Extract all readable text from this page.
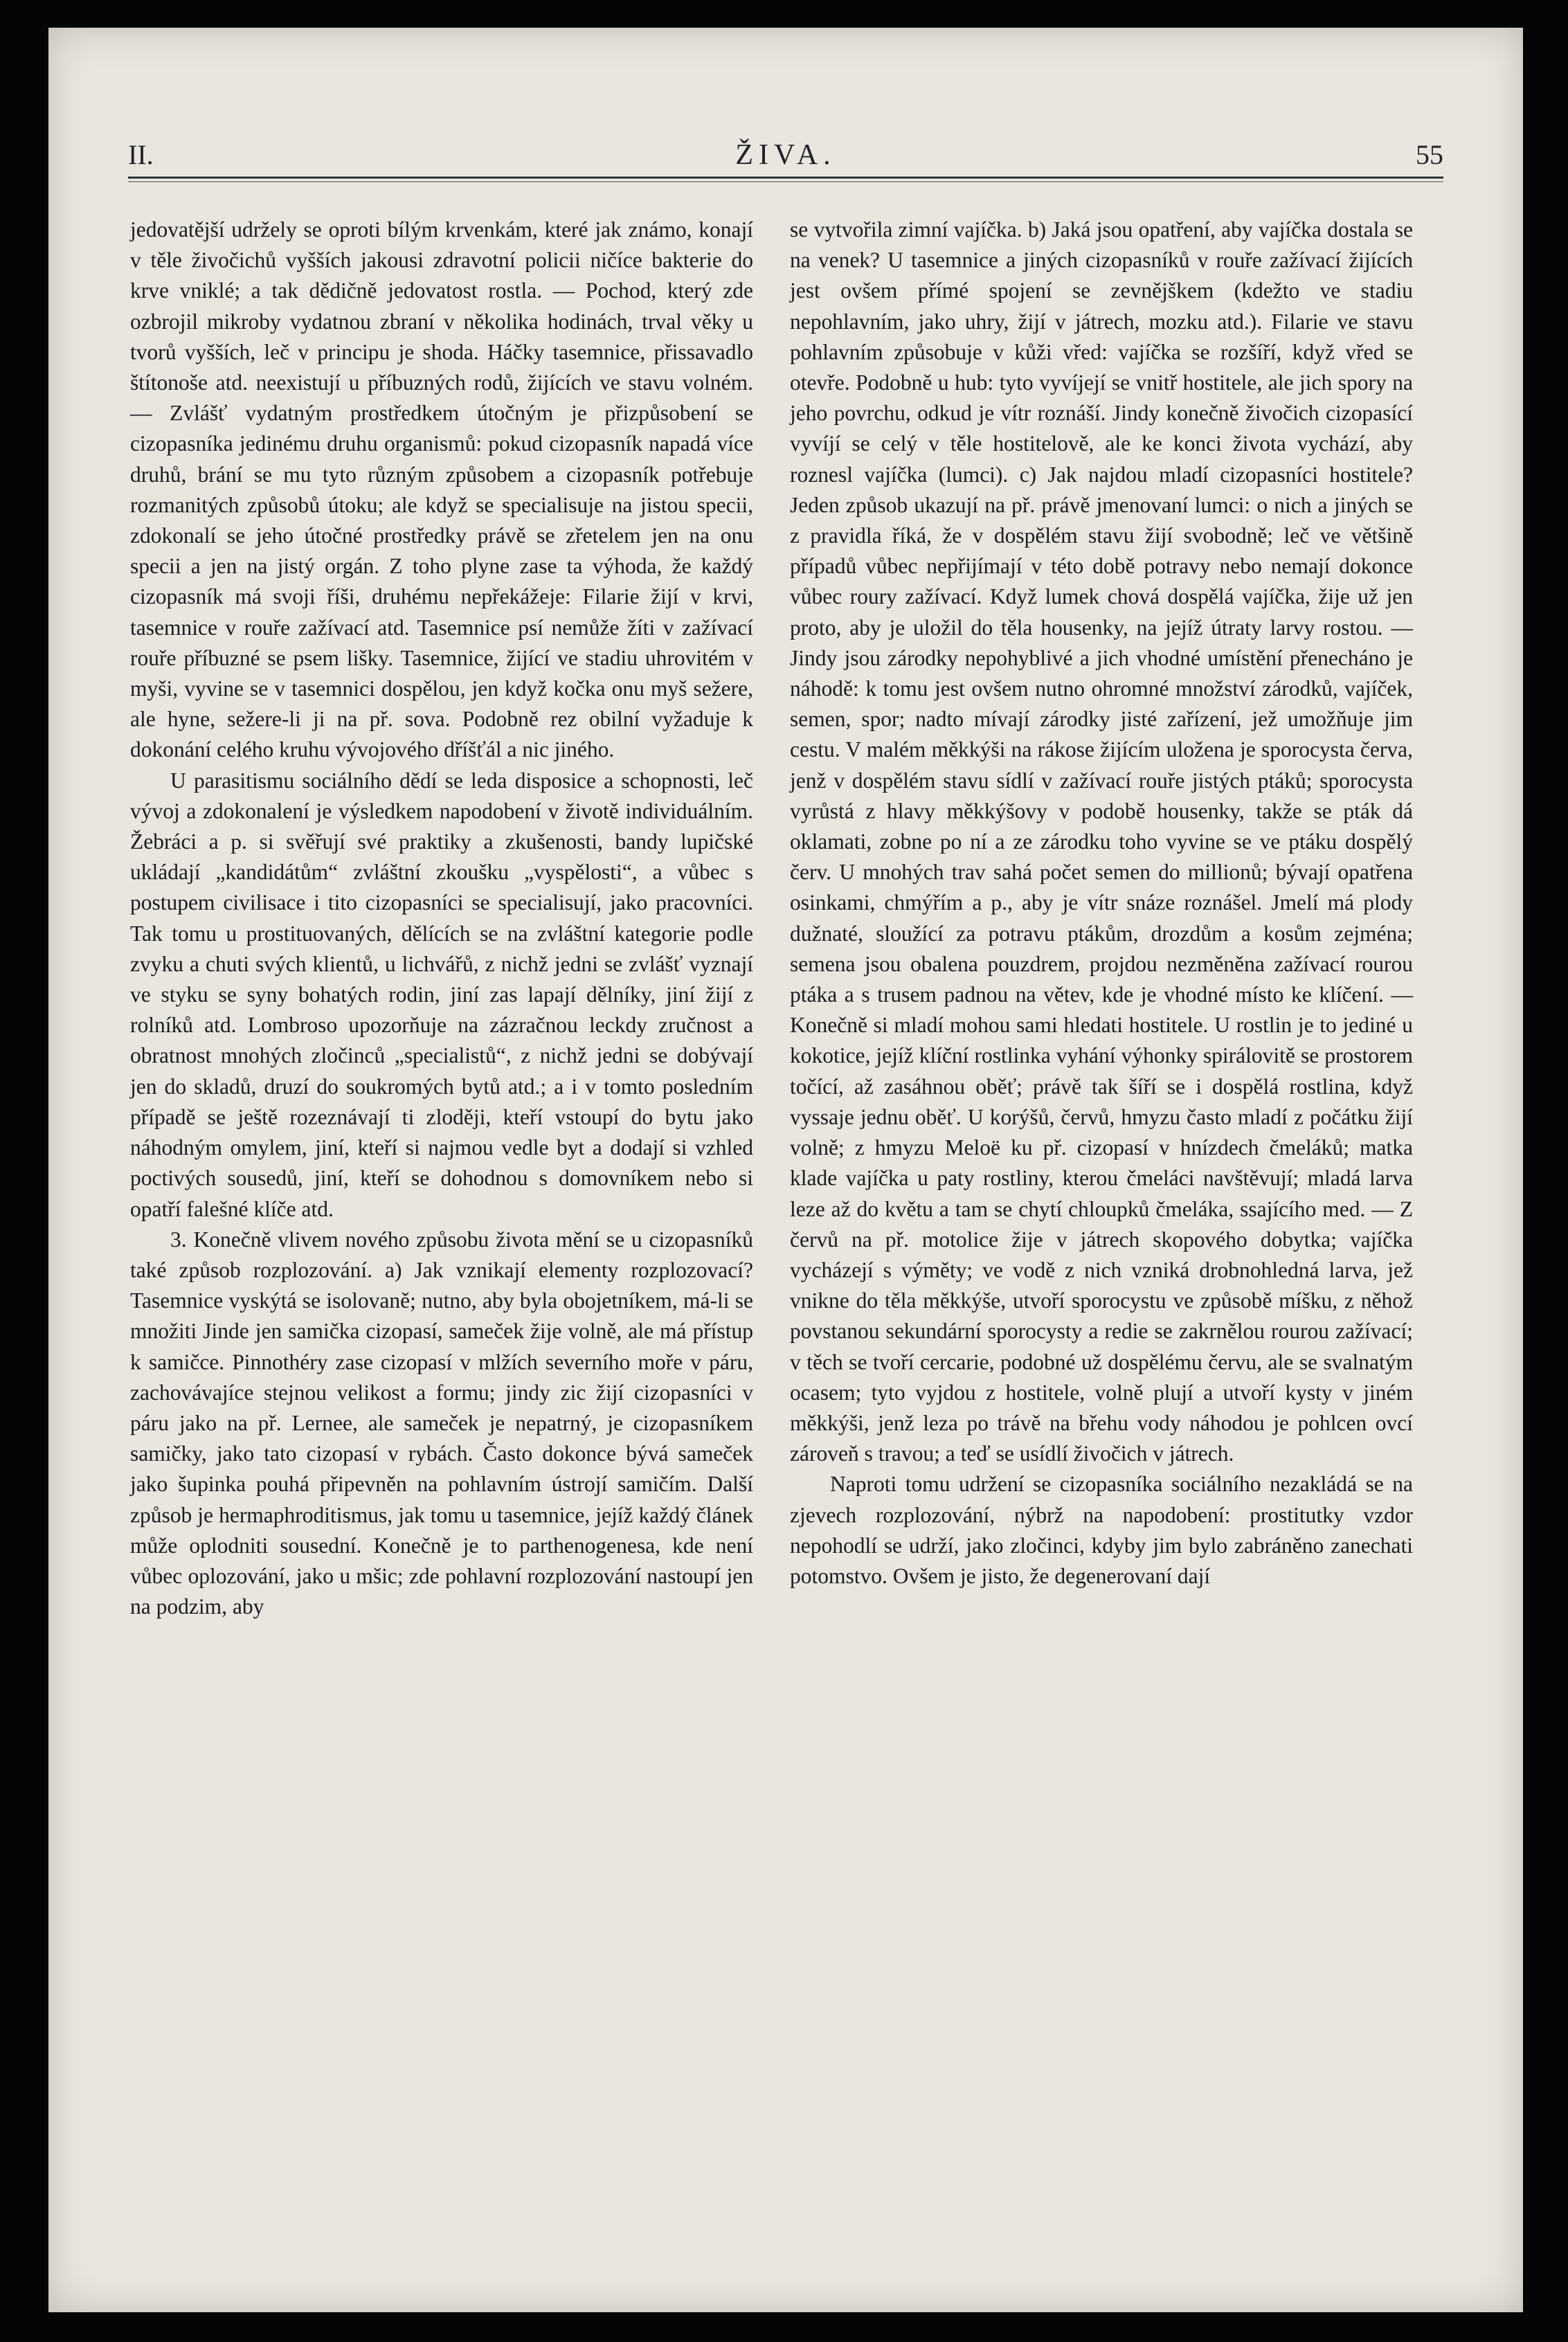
II.	ŽIVA.	55

jedovatější udržely se oproti bílým krvenkám, které jak známo, konají v těle živočichů vyšších jakousi zdravotní policii ničíce bakterie do krve vniklé; a tak dědičně jedovatost rostla. — Pochod, který zde ozbrojil mikroby vydatnou zbraní v několika hodinách, trval věky u tvorů vyšších, leč v principu je shoda. Háčky tasemnice, přissavadlo štítonoše atd. neexistují u příbuzných rodů, žijících ve stavu volném. — Zvlášť vydatným prostředkem útočným je přizpůsobení se cizopasníka jedinému druhu organismů: pokud cizopasník napadá více druhů, brání se mu tyto různým způsobem a cizopasník potřebuje rozmanitých způsobů útoku; ale když se specialisuje na jistou specii, zdokonalí se jeho útočné prostředky právě se zřetelem jen na onu specii a jen na jistý orgán. Z toho plyne zase ta výhoda, že každý cizopasník má svoji říši, druhému nepřekážeje: Filarie žijí v krvi, tasemnice v rouře zažívací atd. Tasemnice psí nemůže žíti v zažívací rouře příbuzné se psem lišky. Tasemnice, žijící ve stadiu uhrovitém v myši, vyvine se v tasemnici dospělou, jen když kočka onu myš sežere, ale hyne, sežere-li ji na př. sova. Podobně rez obilní vyžaduje k dokonání celého kruhu vývojového dříšťál a nic jiného.

U parasitismu sociálního dědí se leda disposice a schopnosti, leč vývoj a zdokonalení je výsledkem napodobení v životě individuálním. Žebráci a p. si svěřují své praktiky a zkušenosti, bandy lupičské ukládají „kandidátům“ zvláštní zkoušku „vyspělosti“, a vůbec s postupem civilisace i tito cizopasníci se specialisují, jako pracovníci. Tak tomu u prostituovaných, dělících se na zvláštní kategorie podle zvyku a chuti svých klientů, u lichvářů, z nichž jedni se zvlášť vyznají ve styku se syny bohatých rodin, jiní zas lapají dělníky, jiní žijí z rolníků atd. Lombroso upozorňuje na zázračnou leckdy zručnost a obratnost mnohých zločinců „specialistů“, z nichž jedni se dobývají jen do skladů, druzí do soukromých bytů atd.; a i v tomto posledním případě se ještě rozeznávají ti zloději, kteří vstoupí do bytu jako náhodným omylem, jiní, kteří si najmou vedle byt a dodají si vzhled poctivých sousedů, jiní, kteří se dohodnou s domovníkem nebo si opatří falešné klíče atd.

3. Konečně vlivem nového způsobu života mění se u cizopasníků také způsob rozplozování. a) Jak vznikají elementy rozplozovací? Tasemnice vyskýtá se isolovaně; nutno, aby byla obojetníkem, má-li se množiti Jinde jen samička cizopasí, sameček žije volně, ale má přístup k samičce. Pinnothéry zase cizopasí v mlžích severního moře v páru, zachovávajíce stejnou velikost a formu; jindy zic žijí cizopasníci v páru jako na př. Lernee, ale sameček je nepatrný, je cizopasníkem samičky, jako tato cizopasí v rybách. Často dokonce bývá sameček jako šupinka pouhá připevněn na pohlavním ústrojí samičím. Další způsob je hermaphroditismus, jak tomu u tasemnice, jejíž každý článek může oplodniti sousední. Konečně je to parthenogenesa, kde není vůbec oplozování, jako u mšic; zde pohlavní rozplozování nastoupí jen na podzim, aby

se vytvořila zimní vajíčka. b) Jaká jsou opatření, aby vajíčka dostala se na venek? U tasemnice a jiných cizopasníků v rouře zažívací žijících jest ovšem přímé spojení se zevnějškem (kdežto ve stadiu nepohlavním, jako uhry, žijí v játrech, mozku atd.). Filarie ve stavu pohlavním způsobuje v kůži vřed: vajíčka se rozšíří, když vřed se otevře. Podobně u hub: tyto vyvíjejí se vnitř hostitele, ale jich spory na jeho povrchu, odkud je vítr roznáší. Jindy konečně živočich cizopasící vyvíjí se celý v těle hostitelově, ale ke konci života vychází, aby roznesl vajíčka (lumci). c) Jak najdou mladí cizopasníci hostitele? Jeden způsob ukazují na př. právě jmenovaní lumci: o nich a jiných se z pravidla říká, že v dospělém stavu žijí svobodně; leč ve většině případů vůbec nepřijímají v této době potravy nebo nemají dokonce vůbec roury zažívací. Když lumek chová dospělá vajíčka, žije už jen proto, aby je uložil do těla housenky, na jejíž útraty larvy rostou. — Jindy jsou zárodky nepohyblivé a jich vhodné umístění přenecháno je náhodě: k tomu jest ovšem nutno ohromné množství zárodků, vajíček, semen, spor; nadto mívají zárodky jisté zařízení, jež umožňuje jim cestu. V malém měkkýši na rákose žijícím uložena je sporocysta červa, jenž v dospělém stavu sídlí v zažívací rouře jistých ptáků; sporocysta vyrůstá z hlavy měkkýšovy v podobě housenky, takže se pták dá oklamati, zobne po ní a ze zárodku toho vyvine se ve ptáku dospělý červ. U mnohých trav sahá počet semen do millionů; bývají opatřena osinkami, chmýřím a p., aby je vítr snáze roznášel. Jmelí má plody dužnaté, sloužící za potravu ptákům, drozdům a kosům zejména; semena jsou obalena pouzdrem, projdou nezměněna zažívací rourou ptáka a s trusem padnou na větev, kde je vhodné místo ke klíčení. — Konečně si mladí mohou sami hledati hostitele. U rostlin je to jediné u kokotice, jejíž klíční rostlinka vyhání výhonky spirálovitě se prostorem točící, až zasáhnou oběť; právě tak šíří se i dospělá rostlina, když vyssaje jednu oběť. U korýšů, červů, hmyzu často mladí z počátku žijí volně; z hmyzu Meloë ku př. cizopasí v hnízdech čmeláků; matka klade vajíčka u paty rostliny, kterou čmeláci navštěvují; mladá larva leze až do květu a tam se chytí chloupků čmeláka, ssajícího med. — Z červů na př. motolice žije v játrech skopového dobytka; vajíčka vycházejí s výměty; ve vodě z nich vzniká drobnohledná larva, jež vnikne do těla měkkýše, utvoří sporocystu ve způsobě míšku, z něhož povstanou sekundární sporocysty a redie se zakrnělou rourou zažívací; v těch se tvoří cercarie, podobné už dospělému červu, ale se svalnatým ocasem; tyto vyjdou z hostitele, volně plují a utvoří kysty v jiném měkkýši, jenž leza po trávě na břehu vody náhodou je pohlcen ovcí zároveň s travou; a teď se usídlí živočich v játrech.

Naproti tomu udržení se cizopasníka sociálního nezakládá se na zjevech rozplozování, nýbrž na napodobení: prostitutky vzdor nepohodlí se udrží, jako zločinci, kdyby jim bylo zabráněno zanechati potomstvo. Ovšem je jisto, že degenerovaní dají
